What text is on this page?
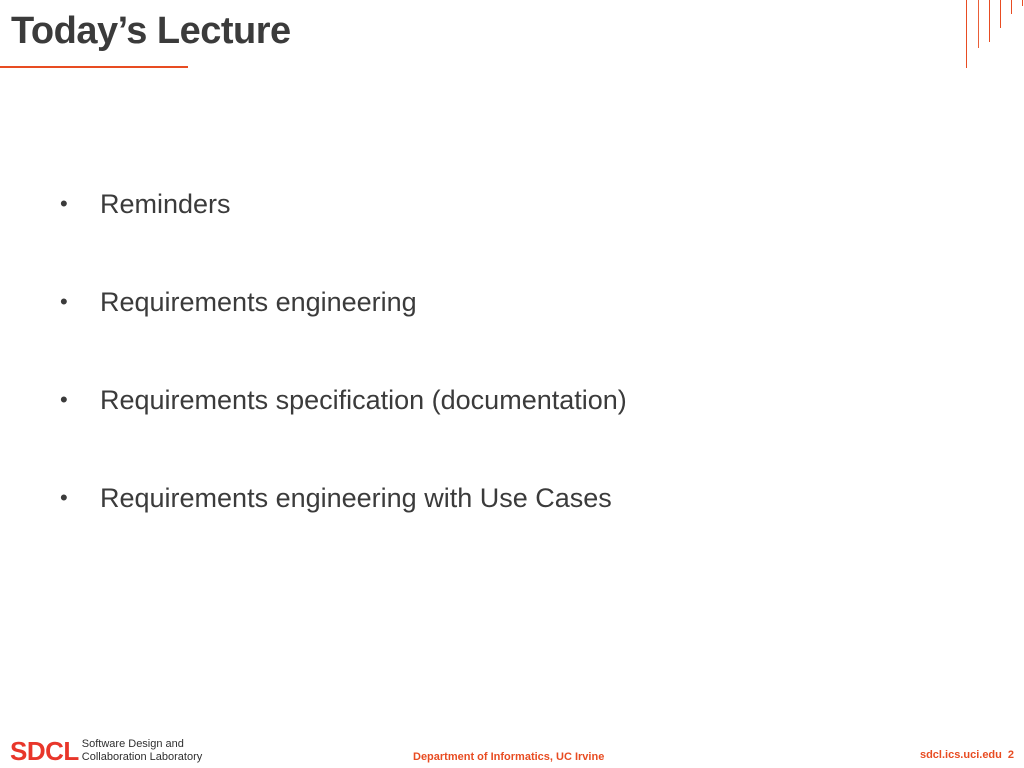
Today’s Lecture
• Reminders
• Requirements engineering
• Requirements specification (documentation)
• Requirements engineering with Use Cases
SDCL Software Design and
Collaboration Laboratory	Department of Informatics, UC Irvine	sdcl.ics.uci.edu 2
